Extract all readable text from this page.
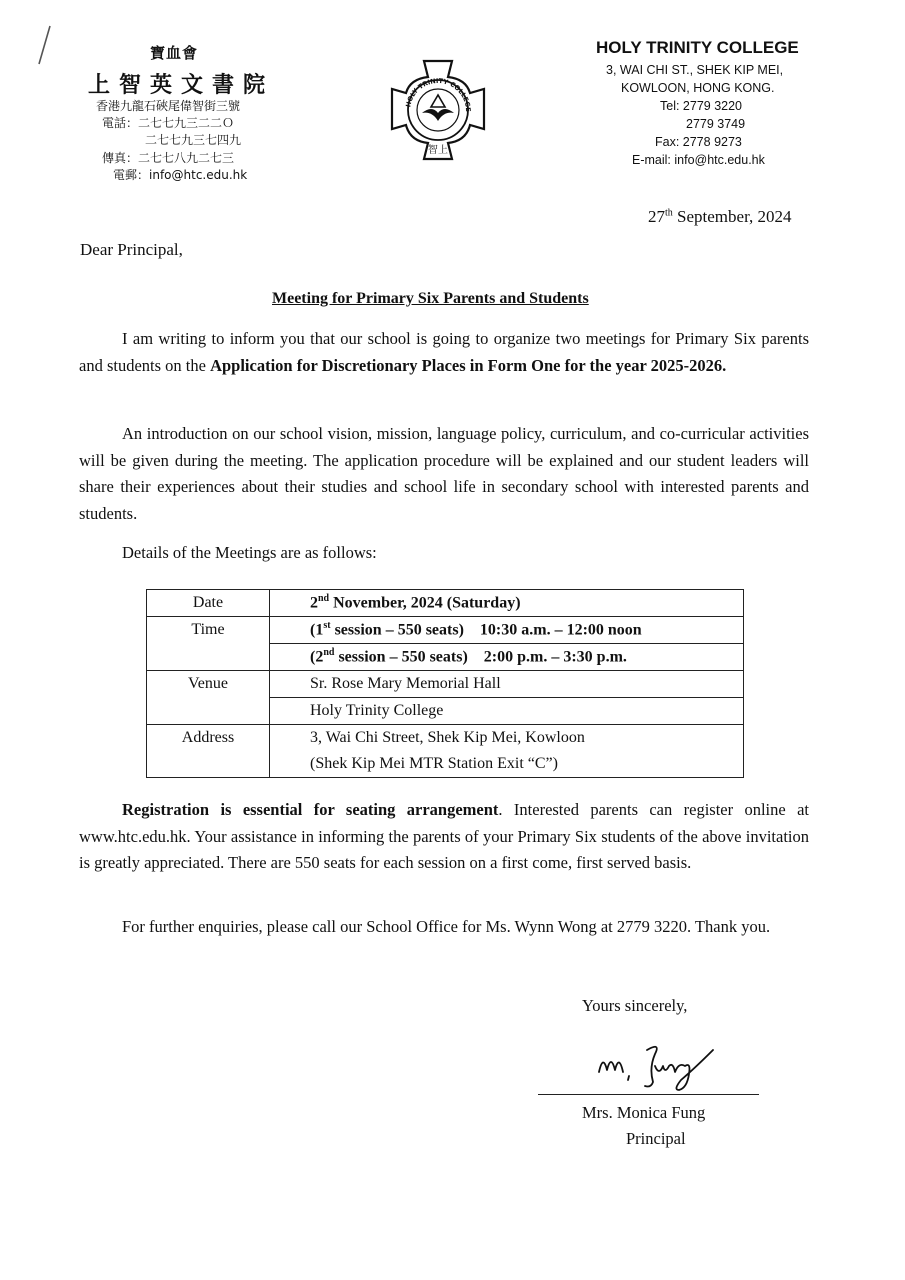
寶血會
上智英文書院
香港九龍石硤尾偉智街三號
電話：二七七九三二二Ｏ
二七七九三七四九
傳真：二七七八九二七三
電郵：info@htc.edu.hk
HOLY TRINITY COLLEGE
智上
HOLY TRINITY COLLEGE
3, WAI CHI ST., SHEK KIP MEI,
KOWLOON, HONG KONG.
Tel: 2779 3220
2779 3749
Fax: 2778 9273
E-mail: info@htc.edu.hk
27th September, 2024
Dear Principal,
Meeting for Primary Six Parents and Students
I am writing to inform you that our school is going to organize two meetings for Primary Six parents and students on the Application for Discretionary Places in Form One for the year 2025-2026.
An introduction on our school vision, mission, language policy, curriculum, and co-curricular activities will be given during the meeting. The application procedure will be explained and our student leaders will share their experiences about their studies and school life in secondary school with interested parents and students.
Details of the Meetings are as follows:
Date	2nd November, 2024 (Saturday)
Time	(1st session – 550 seats) 10:30 a.m. – 12:00 noon
	(2nd session – 550 seats) 2:00 p.m. – 3:30 p.m.
Venue	Sr. Rose Mary Memorial Hall
	Holy Trinity College
Address	3, Wai Chi Street, Shek Kip Mei, Kowloon
	(Shek Kip Mei MTR Station Exit “C”)
Registration is essential for seating arrangement. Interested parents can register online at www.htc.edu.hk. Your assistance in informing the parents of your Primary Six students of the above invitation is greatly appreciated. There are 550 seats for each session on a first come, first served basis.
For further enquiries, please call our School Office for Ms. Wynn Wong at 2779 3220. Thank you.
Yours sincerely,
Mrs. Monica Fung
Principal
